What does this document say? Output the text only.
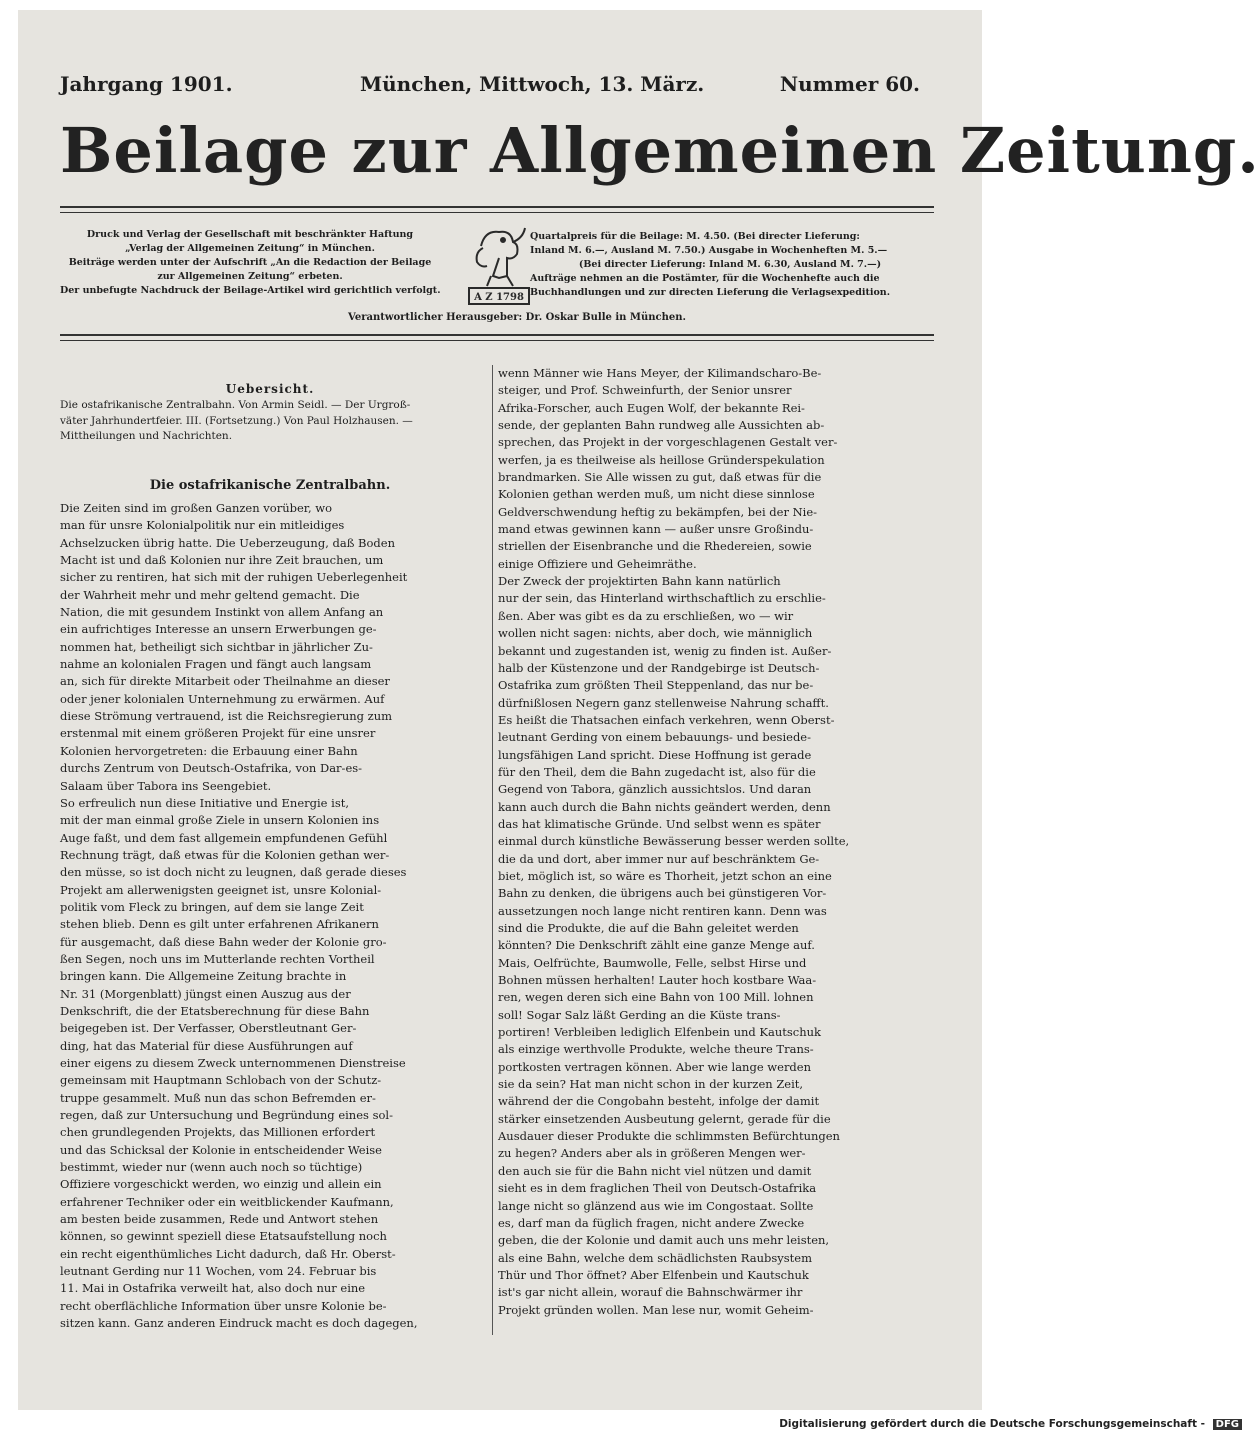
Jahrgang 1901.	München, Mittwoch, 13. März.	Nummer 60.
Beilage zur Allgemeinen Zeitung.
Druck und Verlag der Gesellschaft mit beschränkter Haftung
„Verlag der Allgemeinen Zeitung“ in München.
Beiträge werden unter der Aufschrift „An die Redaction der Beilage
zur Allgemeinen Zeitung“ erbeten.
Der unbefugte Nachdruck der Beilage-Artikel wird gerichtlich verfolgt.
A Z 1798
Quartalpreis für die Beilage: M. 4.50. (Bei directer Lieferung:
Inland M. 6.—, Ausland M. 7.50.) Ausgabe in Wochenheften M. 5.—
(Bei directer Lieferung: Inland M. 6.30, Ausland M. 7.—)
Aufträge nehmen an die Postämter, für die Wochenhefte auch die
Buchhandlungen und zur directen Lieferung die Verlagsexpedition.
Verantwortlicher Herausgeber: Dr. Oskar Bulle in München.
Uebersicht.
Die ostafrikanische Zentralbahn. Von Armin Seidl. — Der Urgroß-
väter Jahrhundertfeier. III. (Fortsetzung.) Von Paul Holzhausen. —
Mittheilungen und Nachrichten.
Die ostafrikanische Zentralbahn.
Die Zeiten sind im großen Ganzen vorüber, wo
man für unsre Kolonialpolitik nur ein mitleidiges
Achselzucken übrig hatte. Die Ueberzeugung, daß Boden
Macht ist und daß Kolonien nur ihre Zeit brauchen, um
sicher zu rentiren, hat sich mit der ruhigen Ueberlegenheit
der Wahrheit mehr und mehr geltend gemacht. Die
Nation, die mit gesundem Instinkt von allem Anfang an
ein aufrichtiges Interesse an unsern Erwerbungen ge-
nommen hat, betheiligt sich sichtbar in jährlicher Zu-
nahme an kolonialen Fragen und fängt auch langsam
an, sich für direkte Mitarbeit oder Theilnahme an dieser
oder jener kolonialen Unternehmung zu erwärmen. Auf
diese Strömung vertrauend, ist die Reichsregierung zum
erstenmal mit einem größeren Projekt für eine unsrer
Kolonien hervorgetreten: die Erbauung einer Bahn
durchs Zentrum von Deutsch-Ostafrika, von Dar-es-
Salaam über Tabora ins Seengebiet.
So erfreulich nun diese Initiative und Energie ist,
mit der man einmal große Ziele in unsern Kolonien ins
Auge faßt, und dem fast allgemein empfundenen Gefühl
Rechnung trägt, daß etwas für die Kolonien gethan wer-
den müsse, so ist doch nicht zu leugnen, daß gerade dieses
Projekt am allerwenigsten geeignet ist, unsre Kolonial-
politik vom Fleck zu bringen, auf dem sie lange Zeit
stehen blieb. Denn es gilt unter erfahrenen Afrikanern
für ausgemacht, daß diese Bahn weder der Kolonie gro-
ßen Segen, noch uns im Mutterlande rechten Vortheil
bringen kann. Die Allgemeine Zeitung brachte in
Nr. 31 (Morgenblatt) jüngst einen Auszug aus der
Denkschrift, die der Etatsberechnung für diese Bahn
beigegeben ist. Der Verfasser, Oberstleutnant Ger-
ding, hat das Material für diese Ausführungen auf
einer eigens zu diesem Zweck unternommenen Dienstreise
gemeinsam mit Hauptmann Schlobach von der Schutz-
truppe gesammelt. Muß nun das schon Befremden er-
regen, daß zur Untersuchung und Begründung eines sol-
chen grundlegenden Projekts, das Millionen erfordert
und das Schicksal der Kolonie in entscheidender Weise
bestimmt, wieder nur (wenn auch noch so tüchtige)
Offiziere vorgeschickt werden, wo einzig und allein ein
erfahrener Techniker oder ein weitblickender Kaufmann,
am besten beide zusammen, Rede und Antwort stehen
können, so gewinnt speziell diese Etatsaufstellung noch
ein recht eigenthümliches Licht dadurch, daß Hr. Oberst-
leutnant Gerding nur 11 Wochen, vom 24. Februar bis
11. Mai in Ostafrika verweilt hat, also doch nur eine
recht oberflächliche Information über unsre Kolonie be-
sitzen kann. Ganz anderen Eindruck macht es doch dagegen,
wenn Männer wie Hans Meyer, der Kilimandscharo-Be-
steiger, und Prof. Schweinfurth, der Senior unsrer
Afrika-Forscher, auch Eugen Wolf, der bekannte Rei-
sende, der geplanten Bahn rundweg alle Aussichten ab-
sprechen, das Projekt in der vorgeschlagenen Gestalt ver-
werfen, ja es theilweise als heillose Gründerspekulation
brandmarken. Sie Alle wissen zu gut, daß etwas für die
Kolonien gethan werden muß, um nicht diese sinnlose
Geldverschwendung heftig zu bekämpfen, bei der Nie-
mand etwas gewinnen kann — außer unsre Großindu-
striellen der Eisenbranche und die Rhedereien, sowie
einige Offiziere und Geheimräthe.
Der Zweck der projektirten Bahn kann natürlich
nur der sein, das Hinterland wirthschaftlich zu erschlie-
ßen. Aber was gibt es da zu erschließen, wo — wir
wollen nicht sagen: nichts, aber doch, wie männiglich
bekannt und zugestanden ist, wenig zu finden ist. Außer-
halb der Küstenzone und der Randgebirge ist Deutsch-
Ostafrika zum größten Theil Steppenland, das nur be-
dürfnißlosen Negern ganz stellenweise Nahrung schafft.
Es heißt die Thatsachen einfach verkehren, wenn Oberst-
leutnant Gerding von einem bebauungs- und besiede-
lungsfähigen Land spricht. Diese Hoffnung ist gerade
für den Theil, dem die Bahn zugedacht ist, also für die
Gegend von Tabora, gänzlich aussichtslos. Und daran
kann auch durch die Bahn nichts geändert werden, denn
das hat klimatische Gründe. Und selbst wenn es später
einmal durch künstliche Bewässerung besser werden sollte,
die da und dort, aber immer nur auf beschränktem Ge-
biet, möglich ist, so wäre es Thorheit, jetzt schon an eine
Bahn zu denken, die übrigens auch bei günstigeren Vor-
aussetzungen noch lange nicht rentiren kann. Denn was
sind die Produkte, die auf die Bahn geleitet werden
könnten? Die Denkschrift zählt eine ganze Menge auf.
Mais, Oelfrüchte, Baumwolle, Felle, selbst Hirse und
Bohnen müssen herhalten! Lauter hoch kostbare Waa-
ren, wegen deren sich eine Bahn von 100 Mill. lohnen
soll! Sogar Salz läßt Gerding an die Küste trans-
portiren! Verbleiben lediglich Elfenbein und Kautschuk
als einzige werthvolle Produkte, welche theure Trans-
portkosten vertragen können. Aber wie lange werden
sie da sein? Hat man nicht schon in der kurzen Zeit,
während der die Congobahn besteht, infolge der damit
stärker einsetzenden Ausbeutung gelernt, gerade für die
Ausdauer dieser Produkte die schlimmsten Befürchtungen
zu hegen? Anders aber als in größeren Mengen wer-
den auch sie für die Bahn nicht viel nützen und damit
sieht es in dem fraglichen Theil von Deutsch-Ostafrika
lange nicht so glänzend aus wie im Congostaat. Sollte
es, darf man da füglich fragen, nicht andere Zwecke
geben, die der Kolonie und damit auch uns mehr leisten,
als eine Bahn, welche dem schädlichsten Raubsystem
Thür und Thor öffnet? Aber Elfenbein und Kautschuk
ist's gar nicht allein, worauf die Bahnschwärmer ihr
Projekt gründen wollen. Man lese nur, womit Geheim-
Digitalisierung gefördert durch die Deutsche Forschungsgemeinschaft - DFG
